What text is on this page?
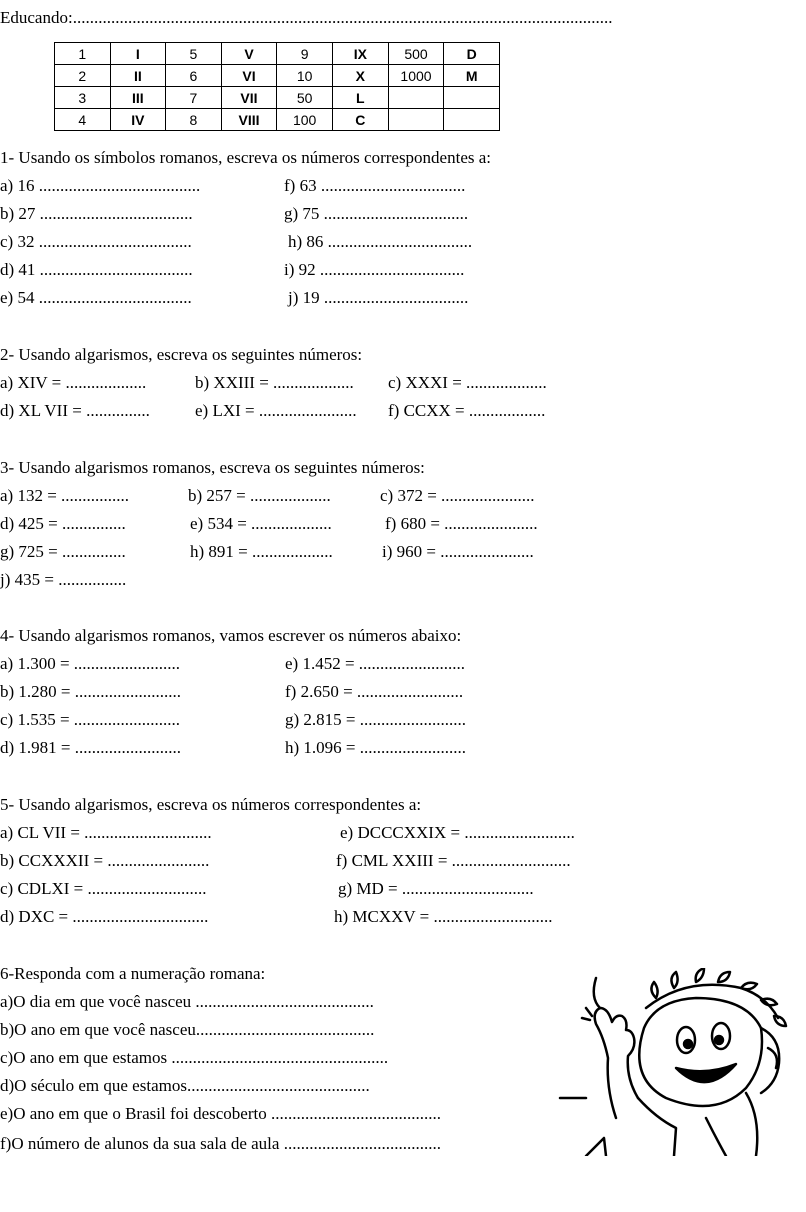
Educando:...............................................................................................................................
1	I	5	V	9	IX	500	D
2	II	6	VI	10	X	1000	M
3	III	7	VII	50	L		
4	IV	8	VIII	100	C		
1- Usando os símbolos romanos, escreva os números correspondentes a:
a) 16 ......................................
b) 27 ....................................
c) 32 ....................................
d) 41 ....................................
e) 54 ....................................
f) 63 ..................................
g) 75 ..................................
h) 86 ..................................
i) 92 ..................................
j) 19 ..................................
2- Usando algarismos, escreva os seguintes números:
a) XIV = ...................	b) XXIII = ................... c) XXXI = ...................
d) XL VII = ...............	e) LXI = ....................... f) CCXX = ..................
3- Usando algarismos romanos, escreva os seguintes números:
a) 132 = ................	b) 257 = ...................	c) 372 = ......................
d) 425 = ...............	e) 534 = ...................	f) 680 = ......................
g) 725 = ...............	h) 891 = ...................	i) 960 = ......................
j) 435 = ................
4- Usando algarismos romanos, vamos escrever os números abaixo:
a) 1.300 = .........................
b) 1.280 = .........................
c) 1.535 = .........................
d) 1.981 = .........................
e) 1.452 = .........................
f) 2.650 = .........................
g) 2.815 = .........................
h) 1.096 = .........................
5- Usando algarismos, escreva os números correspondentes a:
a) CL VII = ..............................
b) CCXXXII = ........................
c) CDLXI = ............................
d) DXC = ................................
e) DCCCXXIX = ..........................
f) CML XXIII = ............................
g) MD = ...............................
h) MCXXV = ............................
6-Responda com a numeração romana:
a)O dia em que você nasceu ..........................................
b)O ano em que você nasceu..........................................
c)O ano em que estamos ...................................................
d)O século em que estamos...........................................
e)O ano em que o Brasil foi descoberto ........................................
f)O número de alunos da sua sala de aula .....................................
